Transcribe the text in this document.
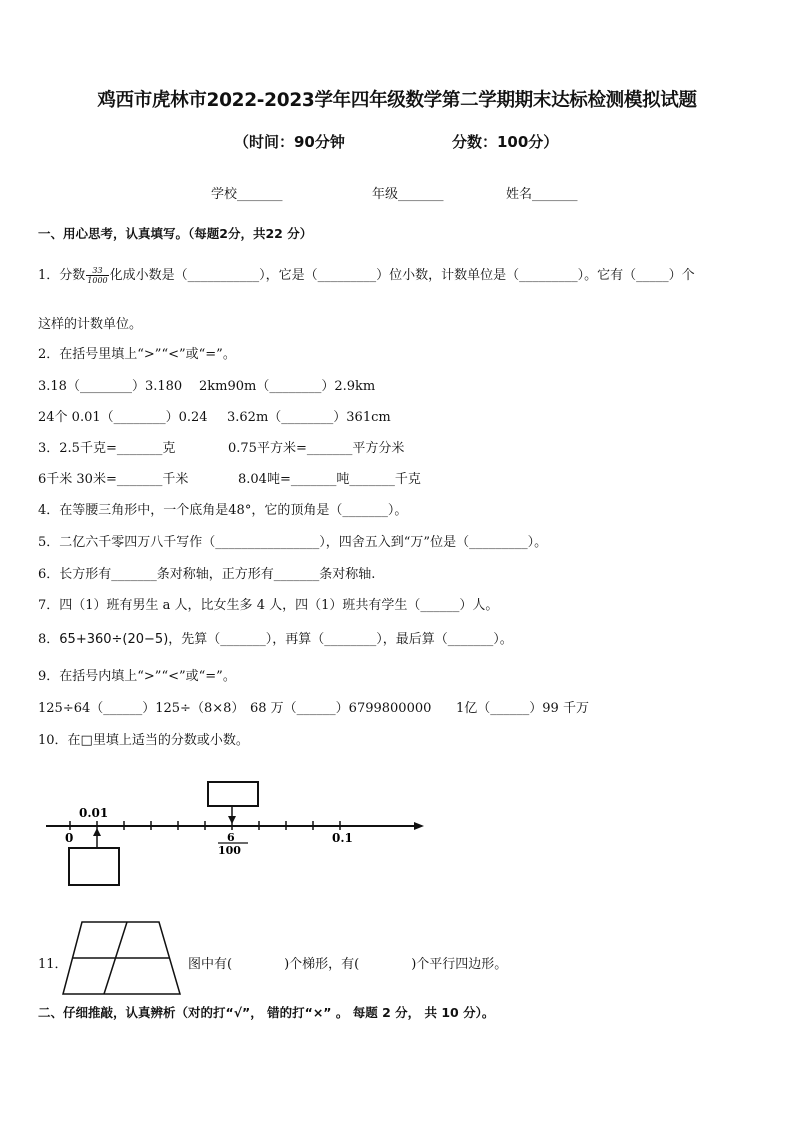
鸡西市虎林市2022-2023学年四年级数学第二学期期末达标检测模拟试题
（时间：90分钟	分数：100分）
学校_______	年级_______	姓名_______
一、用心思考，认真填写。（每题2分，共22 分）
1．分数 $\frac{33}{1000}$ 化成小数是（___________），它是（_________）位小数，计数单位是（_________）。它有（_____）个
这样的计数单位。
2．在括号里填上“>”“<”或“=”。
3.18（________）3.180 2km90m（________）2.9km
24个 0.01（________）0.24 3.62m（________）361cm
3．2.5千克=_______克	0.75平方米=_______平方分米
6千米 30米=_______千米	8.04吨=_______吨_______千克
4．在等腰三角形中，一个底角是48°，它的顶角是（_______）。
5．二亿六千零四万八千写作（________________），四舍五入到“万”位是（_________）。
6．长方形有_______条对称轴，正方形有_______条对称轴.
7．四（1）班有男生 a 人，比女生多 4 人，四（1）班共有学生（______）人。
8．65+360÷(20−5)，先算（_______），再算（________），最后算（_______）。
9．在括号内填上“>”“<”或“=”。
125÷64（______）125÷（8×8） 68 万（______）6799800000 1亿（______）99 千万
10．在□里填上适当的分数或小数。
0.01
0	6
100
0.1
11．	图中有(　　　　)个梯形，有(　　　　)个平行四边形。
二、仔细推敲，认真辨析（对的打“√”， 错的打“×” 。 每题 2 分， 共 10 分）。
